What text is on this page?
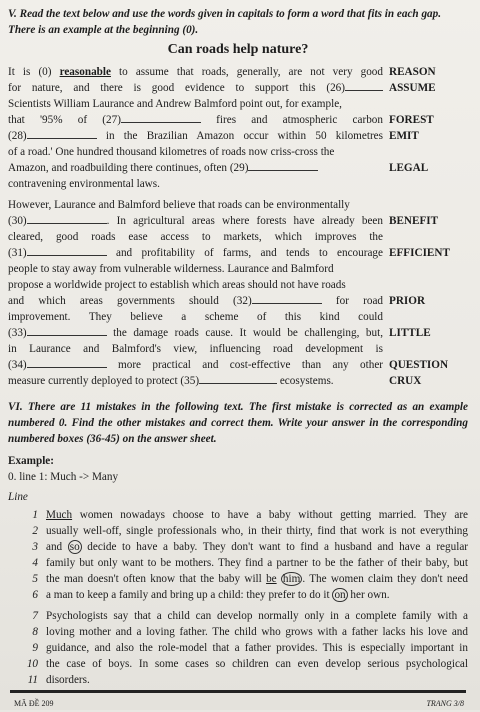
V. Read the text below and use the words given in capitals to form a word that fits in each gap. There is an example at the beginning (0).

Can roads help nature?
It is (0) reasonable to assume that roads, generally, are not very good REASON
for nature, and there is good evidence to support this (26)	ASSUME
Scientists William Laurance and Andrew Balmford point out, for example,
that '95% of (27)	fires and atmospheric carbon FOREST
(28)	in the Brazilian Amazon occur within 50 kilometres EMIT
of a road.' One hundred thousand kilometres of roads now criss-cross the
Amazon, and roadbuilding there continues, often (29)	LEGAL
contravening environmental laws.
However, Laurance and Balmford believe that roads can be environmentally
(30)	. In agricultural areas where forests have already been BENEFIT
cleared, good roads ease access to markets, which improves the
(31)	and profitability of farms, and tends to encourage EFFICIENT
people to stay away from vulnerable wilderness. Laurance and Balmford
propose a worldwide project to establish which areas should not have roads
and which areas governments should (32)	for road PRIOR
improvement. They believe a scheme of this kind could
(33)	the damage roads cause. It would be challenging, but, LITTLE
in Laurance and Balmford's view, influencing road development is
(34)	more practical and cost-effective than any other QUESTION
measure currently deployed to protect (35)	ecosystems.	CRUX

VI. There are 11 mistakes in the following text. The first mistake is corrected as an example numbered 0. Find the other mistakes and correct them. Write your answer in the corresponding numbered boxes (36-45) on the answer sheet.

Example:

0. line 1: Much -> Many

Line

1 Much women nowadays choose to have a baby without getting married. They are
2 usually well-off, single professionals who, in their thirty, find that work is not everything
3 and so decide to have a baby. They don't want to find a husband and have a regular
4 family but only want to be mothers. They find a partner to be the father of their baby, but
5 the man doesn't often know that the baby will be him . The women claim they don't need
6 a man to keep a family and bring up a child: they prefer to do it on her own.
7 Psychologists say that a child can develop normally only in a complete family with a
8 loving mother and a loving father. The child who grows with a father lacks his love and
9 guidance, and also the role-model that a father provides. This is especially important in
10 the case of boys. In some cases so children can even develop serious psychological
11 disorders.
MÃ ĐỀ 209	TRANG 3/8
